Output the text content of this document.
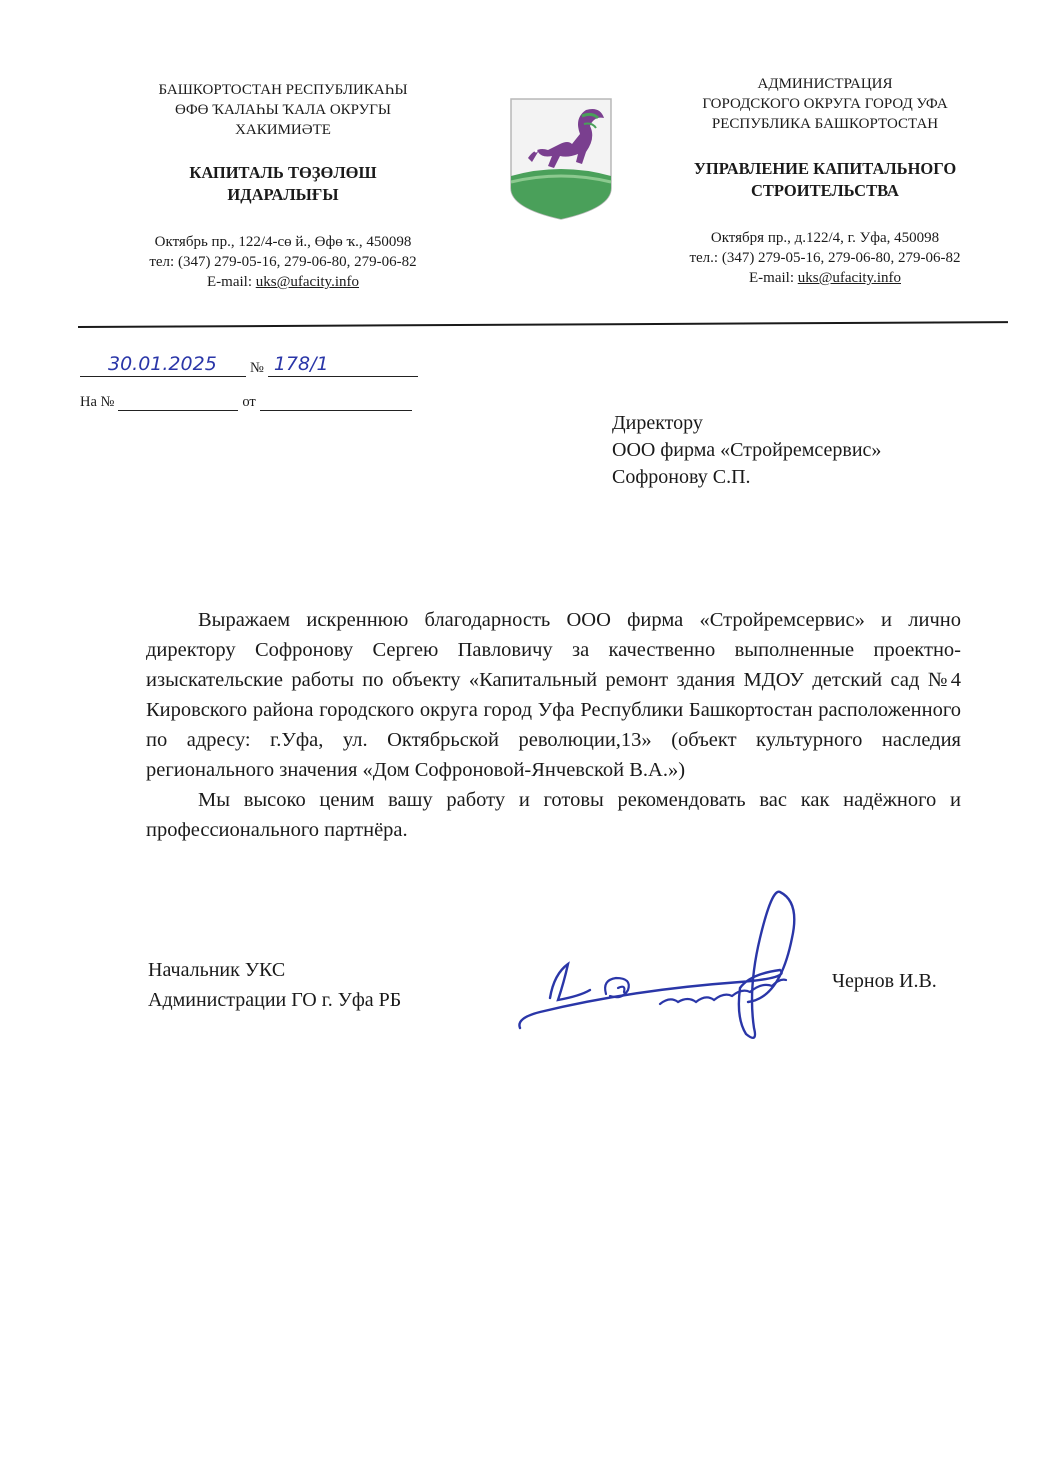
БАШКОРТОСТАН РЕСПУБЛИКАҺЫ
ӨФӨ ҠАЛАҺЫ ҠАЛА ОКРУГЫ
ХАКИМИӘТЕ
КАПИТАЛЬ ТӨҘӨЛӨШ
ИДАРАЛЫҒЫ
Октябрь пр., 122/4-сө й., Өфө ҡ., 450098
тел: (347) 279-05-16, 279-06-80, 279-06-82
E-mail: uks@ufacity.info
АДМИНИСТРАЦИЯ
ГОРОДСКОГО ОКРУГА ГОРОД УФА
РЕСПУБЛИКА БАШКОРТОСТАН
УПРАВЛЕНИЕ КАПИТАЛЬНОГО
СТРОИТЕЛЬСТВА
Октября пр., д.122/4, г. Уфа, 450098
тел.: (347) 279-05-16, 279-06-80, 279-06-82
E-mail: uks@ufacity.info
30.01.2025 № 178/1
На №	от
Директору
ООО фирма «Стройремсервис»
Софронову С.П.

Выражаем искреннюю благодарность ООО фирма «Стройремсервис» и лично директору Софронову Сергею Павловичу за качественно выполненные проектно-изыскательские работы по объекту «Капитальный ремонт здания МДОУ детский сад №4 Кировского района городского округа город Уфа Республики Башкортостан расположенного по адресу: г.Уфа, ул. Октябрьской революции,13» (объект культурного наследия регионального значения «Дом Софроновой-Янчевской В.А.»)

Мы высоко ценим вашу работу и готовы рекомендовать вас как надёжного и профессионального партнёра.

Начальник УКС
Администрации ГО г. Уфа РБ
Чернов И.В.
